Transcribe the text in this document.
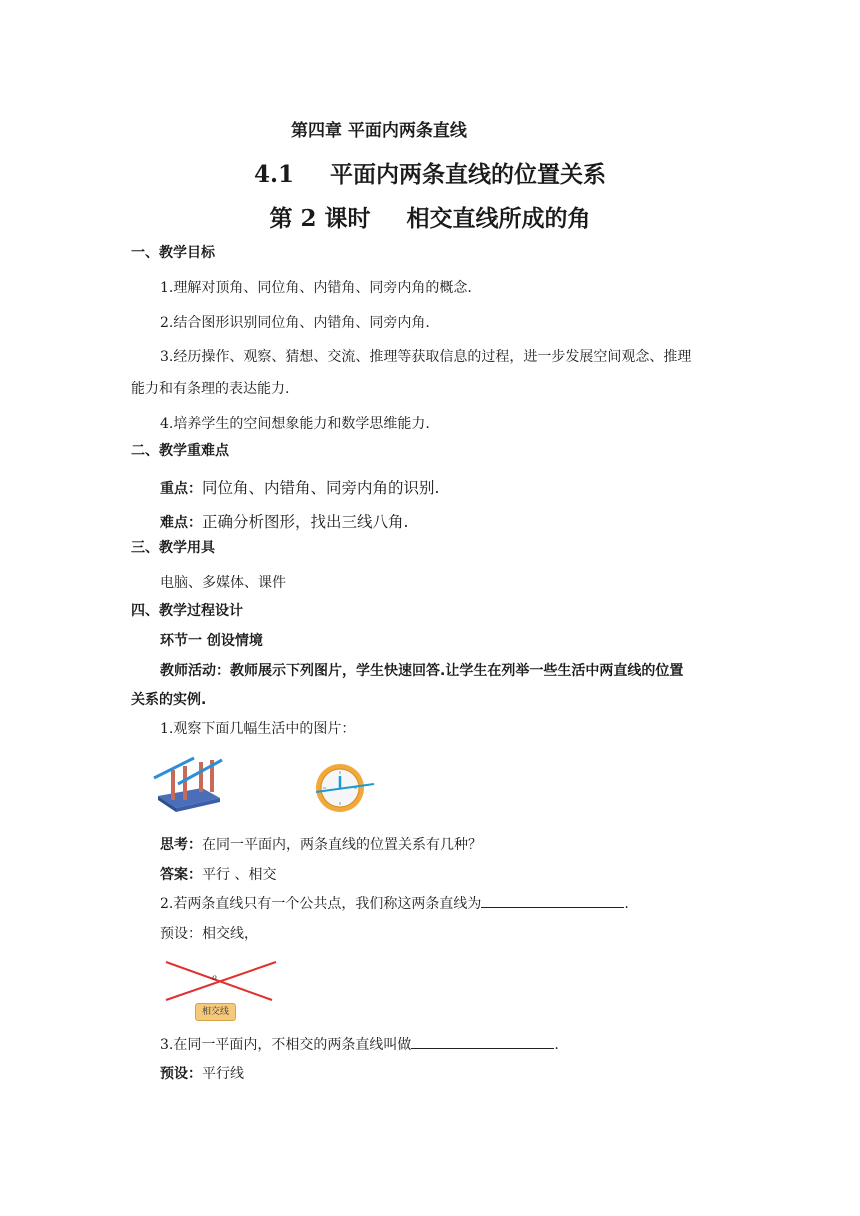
第四章 平面内两条直线
4.1 平面内两条直线的位置关系
第 2 课时 相交直线所成的角
一、教学目标
1.理解对顶角、同位角、内错角、同旁内角的概念.
2.结合图形识别同位角、内错角、同旁内角.
3.经历操作、观察、猜想、交流、推理等获取信息的过程，进一步发展空间观念、推理
能力和有条理的表达能力.
4.培养学生的空间想象能力和数学思维能力.
二、教学重难点
重点：同位角、内错角、同旁内角的识别.
难点：正确分析图形，找出三线八角.
三、教学用具
电脑、多媒体、课件
四、教学过程设计
环节一 创设情境
教师活动：教师展示下列图片，学生快速回答.让学生在列举一些生活中两直线的位置
关系的实例.
1.观察下面几幅生活中的图片：
思考：在同一平面内，两条直线的位置关系有几种？
答案：平行 、相交
2.若两条直线只有一个公共点，我们称这两条直线为	.
预设：相交线，
o
相交线
3.在同一平面内，不相交的两条直线叫做	.
预设：平行线
